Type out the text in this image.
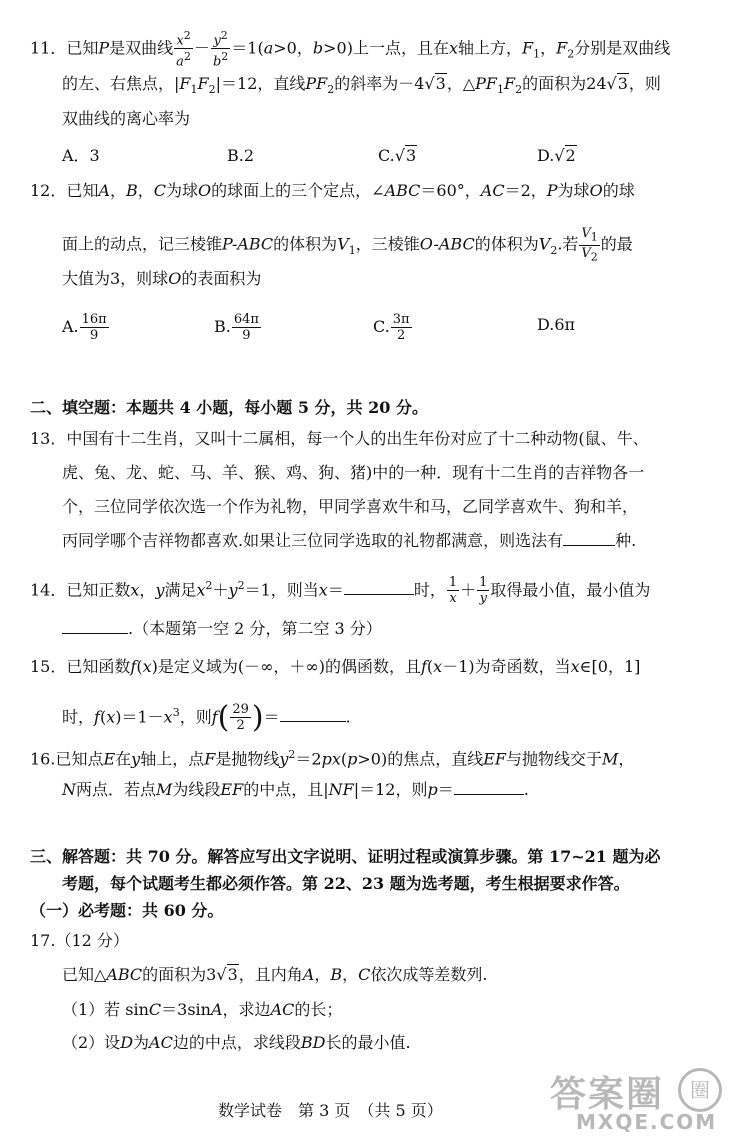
11．已知P是双曲线 $\frac{x^2}{a^2} - \frac{y^2}{b^2} =1(a>0$，b>0)上一点，且在x轴上方，$F_1$，$F_2$分别是双曲线
的左、右焦点，$|F_1F_2|=12$，直线$PF_2$的斜率为－4√3，$\triangle PF_1F_2$的面积为24√3，则
双曲线的离心率为
A．3	B.2	C.√3	D.√2
12．已知A，B，C为球O的球面上的三个定点，∠ABC＝60°，AC＝2，P为球O的球
面上的动点，记三棱锥P-ABC的体积为$V_1$，三棱锥O-ABC的体积为$V_2$.若 $\frac{V_1}{V_2}$ 的最
大值为3，则球O的表面积为
A. $\frac{16\pi}{9}$	B. $\frac{64\pi}{9}$	C. $\frac{3\pi}{2}$	D.6π
二、填空题：本题共 4 小题，每小题 5 分，共 20 分。
13．中国有十二生肖，又叫十二属相，每一个人的出生年份对应了十二种动物(鼠、牛、
虎、兔、龙、蛇、马、羊、猴、鸡、狗、猪)中的一种．现有十二生肖的吉祥物各一
个，三位同学依次选一个作为礼物，甲同学喜欢牛和马，乙同学喜欢牛、狗和羊，
丙同学哪个吉祥物都喜欢.如果让三位同学选取的礼物都满意，则选法有	种.
14．已知正数x，y满足$x^2+y^2=1$，则当x＝	时， $\frac{1}{x} + \frac{1}{y}$ 取得最小值，最小值为
.（本题第一空 2 分，第二空 3 分）
15．已知函数f(x)是定义域为(－∞，＋∞)的偶函数，且f(x－1)为奇函数，当x∈[0，1]
时，$f(x)=1-x^3$，则$f( \frac{29}{2}$ )＝	.
16.已知点E在y轴上，点F是抛物线$y^2=2px(p>0)$的焦点，直线EF与抛物线交于M，
N两点．若点M为线段EF的中点，且|NF|＝12，则p＝	.
三、解答题：共 70 分。解答应写出文字说明、证明过程或演算步骤。第 17~21 题为必
考题，每个试题考生都必须作答。第 22、23 题为选考题，考生根据要求作答。
（一）必考题：共 60 分。
17.（12 分）
已知△ABC的面积为3√3，且内角A，B，C依次成等差数列.
（1）若 sinC＝3sinA，求边AC的长；
（2）设D为AC边的中点，求线段BD长的最小值.
数学试卷　第 3 页　（共 5 页）	答案圈
MXQE.COM
圈
